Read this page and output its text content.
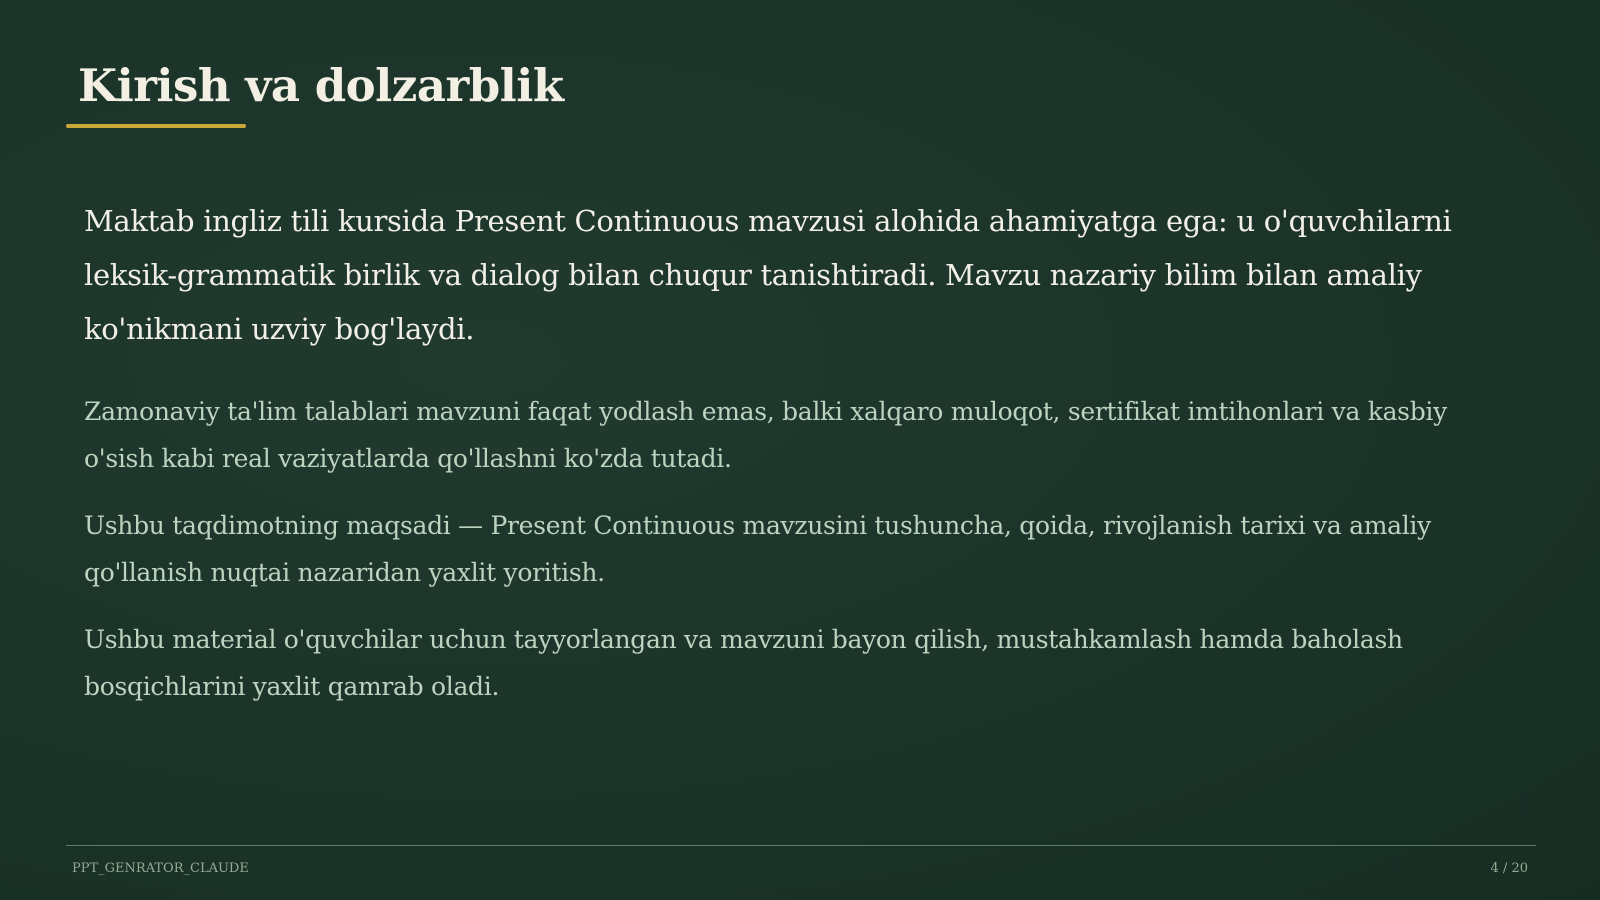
Kirish va dolzarblik

Maktab ingliz tili kursida Present Continuous mavzusi alohida ahamiyatga ega: u o'quvchilarni leksik-grammatik birlik va dialog bilan chuqur tanishtiradi. Mavzu nazariy bilim bilan amaliy ko'nikmani uzviy bog'laydi.

Zamonaviy ta'lim talablari mavzuni faqat yodlash emas, balki xalqaro muloqot, sertifikat imtihonlari va kasbiy o'sish kabi real vaziyatlarda qo'llashni ko'zda tutadi.

Ushbu taqdimotning maqsadi — Present Continuous mavzusini tushuncha, qoida, rivojlanish tarixi va amaliy qo'llanish nuqtai nazaridan yaxlit yoritish.

Ushbu material o'quvchilar uchun tayyorlangan va mavzuni bayon qilish, mustahkamlash hamda baholash bosqichlarini yaxlit qamrab oladi.

PPT_GENRATOR_CLAUDE	4 / 20
